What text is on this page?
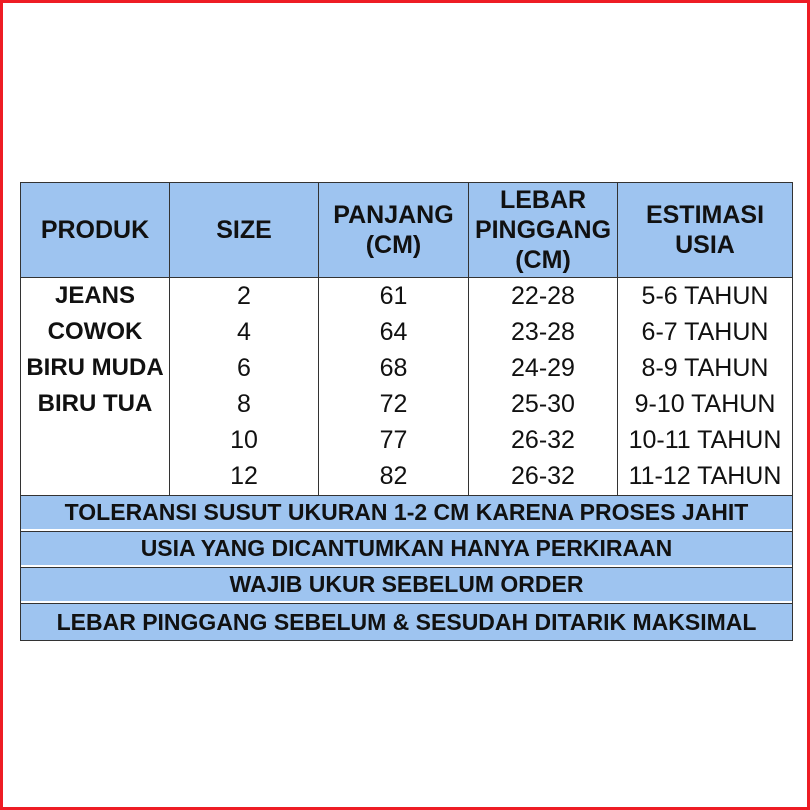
PRODUK	SIZE
PANJANG
(CM)
LEBAR
PINGGANG
(CM)
ESTIMASI
USIA
JEANS
COWOK
BIRU MUDA
BIRU TUA
2
4
6
8
10
12
61
64
68
72
77
82
22-28
23-28
24-29
25-30
26-32
26-32
5-6 TAHUN
6-7 TAHUN
8-9 TAHUN
9-10 TAHUN
10-11 TAHUN
11-12 TAHUN
TOLERANSI SUSUT UKURAN 1-2 CM KARENA PROSES JAHIT
USIA YANG DICANTUMKAN HANYA PERKIRAAN
WAJIB UKUR SEBELUM ORDER
LEBAR PINGGANG SEBELUM & SESUDAH DITARIK MAKSIMAL
